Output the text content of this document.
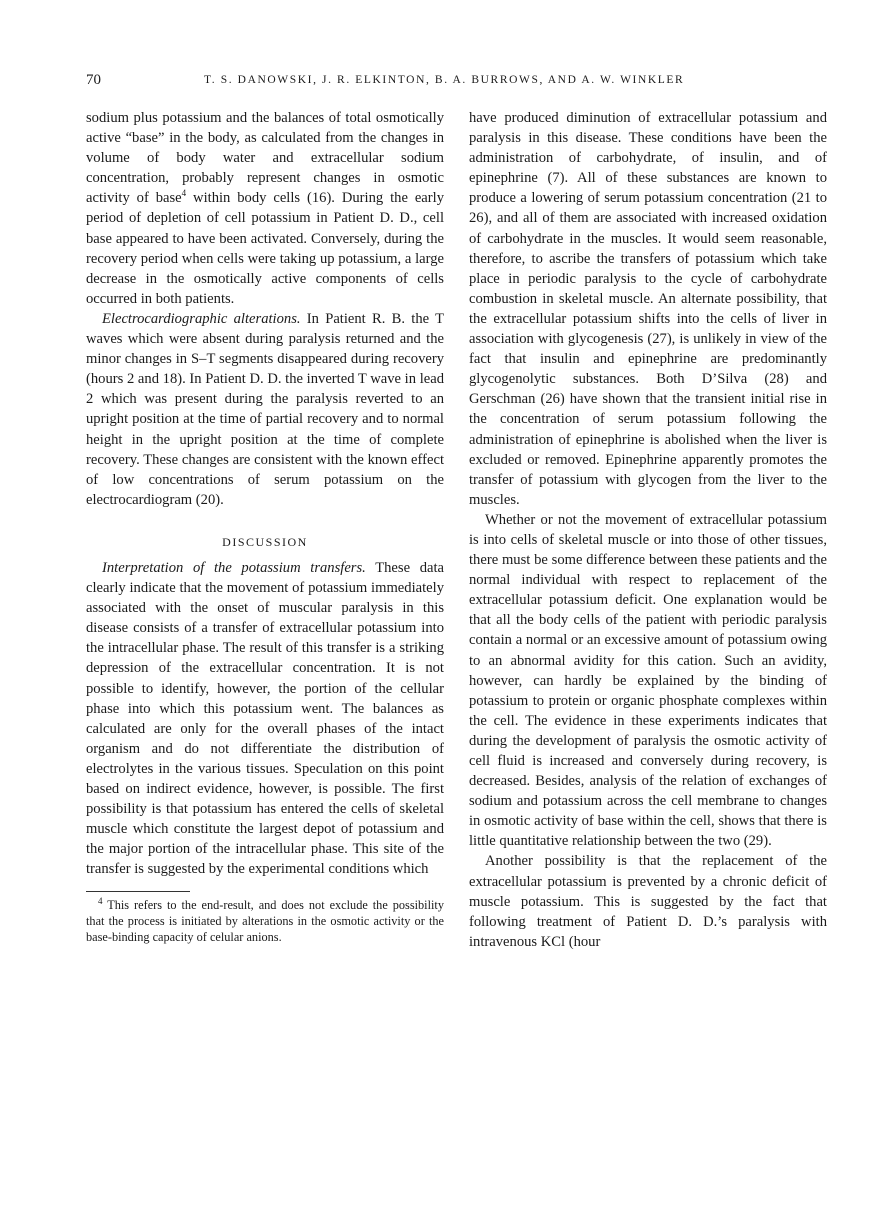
70	T. S. DANOWSKI, J. R. ELKINTON, B. A. BURROWS, AND A. W. WINKLER

sodium plus potassium and the balances of total osmotically active “base” in the body, as calculated from the changes in volume of body water and extracellular sodium concentration, probably represent changes in osmotic activity of base$^4$ within body cells (16). During the early period of depletion of cell potassium in Patient D. D., cell base appeared to have been activated. Conversely, during the recovery period when cells were taking up potassium, a large decrease in the osmotically active components of cells occurred in both patients.

Electrocardiographic alterations. In Patient R. B. the T waves which were absent during paralysis returned and the minor changes in S–T segments disappeared during recovery (hours 2 and 18). In Patient D. D. the inverted T wave in lead 2 which was present during the paralysis reverted to an upright position at the time of partial recovery and to normal height in the upright position at the time of complete recovery. These changes are consistent with the known effect of low concentrations of serum potassium on the electrocardiogram (20).

DISCUSSION

Interpretation of the potassium transfers. These data clearly indicate that the movement of potassium immediately associated with the onset of muscular paralysis in this disease consists of a transfer of extracellular potassium into the intracellular phase. The result of this transfer is a striking depression of the extracellular concentration. It is not possible to identify, however, the portion of the cellular phase into which this potassium went. The balances as calculated are only for the overall phases of the intact organism and do not differentiate the distribution of electrolytes in the various tissues. Speculation on this point based on indirect evidence, however, is possible. The first possibility is that potassium has entered the cells of skeletal muscle which constitute the largest depot of potassium and the major portion of the intracellular phase. This site of the transfer is suggested by the experimental conditions which

$^4$ This refers to the end-result, and does not exclude the possibility that the process is initiated by alterations in the osmotic activity or the base-binding capacity of celular anions.

have produced diminution of extracellular potassium and paralysis in this disease. These conditions have been the administration of carbohydrate, of insulin, and of epinephrine (7). All of these substances are known to produce a lowering of serum potassium concentration (21 to 26), and all of them are associated with increased oxidation of carbohydrate in the muscles. It would seem reasonable, therefore, to ascribe the transfers of potassium which take place in periodic paralysis to the cycle of carbohydrate combustion in skeletal muscle. An alternate possibility, that the extracellular potassium shifts into the cells of liver in association with glycogenesis (27), is unlikely in view of the fact that insulin and epinephrine are predominantly glycogenolytic substances. Both D’Silva (28) and Gerschman (26) have shown that the transient initial rise in the concentration of serum potassium following the administration of epinephrine is abolished when the liver is excluded or removed. Epinephrine apparently promotes the transfer of potassium with glycogen from the liver to the muscles.

Whether or not the movement of extracellular potassium is into cells of skeletal muscle or into those of other tissues, there must be some difference between these patients and the normal individual with respect to replacement of the extracellular potassium deficit. One explanation would be that all the body cells of the patient with periodic paralysis contain a normal or an excessive amount of potassium owing to an abnormal avidity for this cation. Such an avidity, however, can hardly be explained by the binding of potassium to protein or organic phosphate complexes within the cell. The evidence in these experiments indicates that during the development of paralysis the osmotic activity of cell fluid is increased and conversely during recovery, is decreased. Besides, analysis of the relation of exchanges of sodium and potassium across the cell membrane to changes in osmotic activity of base within the cell, shows that there is little quantitative relationship between the two (29).

Another possibility is that the replacement of the extracellular potassium is prevented by a chronic deficit of muscle potassium. This is suggested by the fact that following treatment of Patient D. D.’s paralysis with intravenous KCl (hour
